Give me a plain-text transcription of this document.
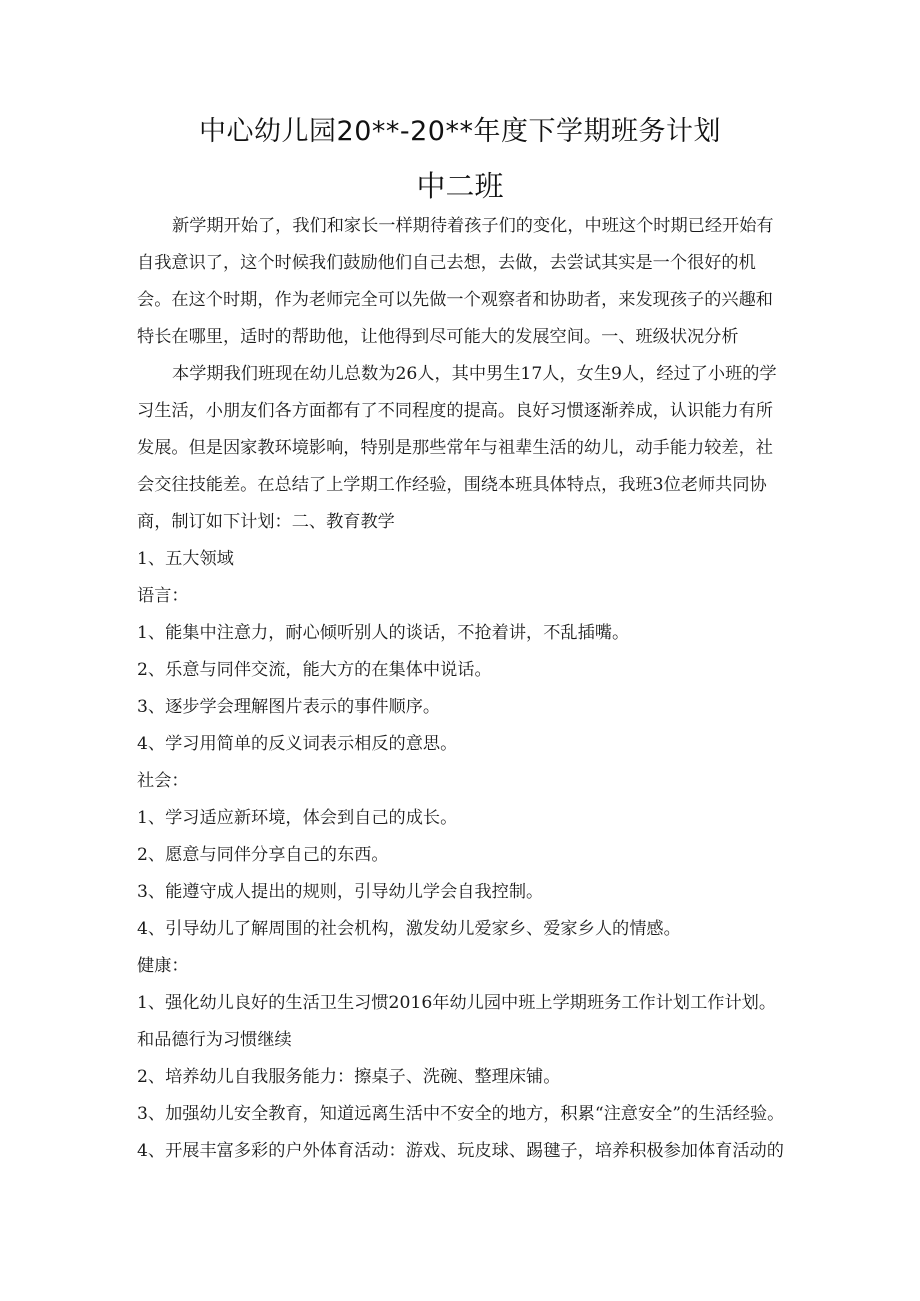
中心幼儿园20**-20**年度下学期班务计划
中二班

新学期开始了，我们和家长一样期待着孩子们的变化，中班这个时期已经开始有自我意识了，这个时候我们鼓励他们自己去想，去做，去尝试其实是一个很好的机会。在这个时期，作为老师完全可以先做一个观察者和协助者，来发现孩子的兴趣和特长在哪里，适时的帮助他，让他得到尽可能大的发展空间。一、班级状况分析

本学期我们班现在幼儿总数为26人，其中男生17人，女生9人，经过了小班的学习生活，小朋友们各方面都有了不同程度的提高。良好习惯逐渐养成，认识能力有所发展。但是因家教环境影响，特别是那些常年与祖辈生活的幼儿，动手能力较差，社会交往技能差。在总结了上学期工作经验，围绕本班具体特点，我班3位老师共同协商，制订如下计划：二、教育教学

1、五大领域

语言：

1、能集中注意力，耐心倾听别人的谈话，不抢着讲，不乱插嘴。

2、乐意与同伴交流，能大方的在集体中说话。

3、逐步学会理解图片表示的事件顺序。

4、学习用简单的反义词表示相反的意思。

社会：

1、学习适应新环境，体会到自己的成长。

2、愿意与同伴分享自己的东西。

3、能遵守成人提出的规则，引导幼儿学会自我控制。

4、引导幼儿了解周围的社会机构，激发幼儿爱家乡、爱家乡人的情感。

健康：

1、强化幼儿良好的生活卫生习惯2016年幼儿园中班上学期班务工作计划工作计划。和品德行为习惯继续

2、培养幼儿自我服务能力：擦桌子、洗碗、整理床铺。

3、加强幼儿安全教育，知道远离生活中不安全的地方，积累“注意安全”的生活经验。

4、开展丰富多彩的户外体育活动：游戏、玩皮球、踢毽子，培养积极参加体育活动的
